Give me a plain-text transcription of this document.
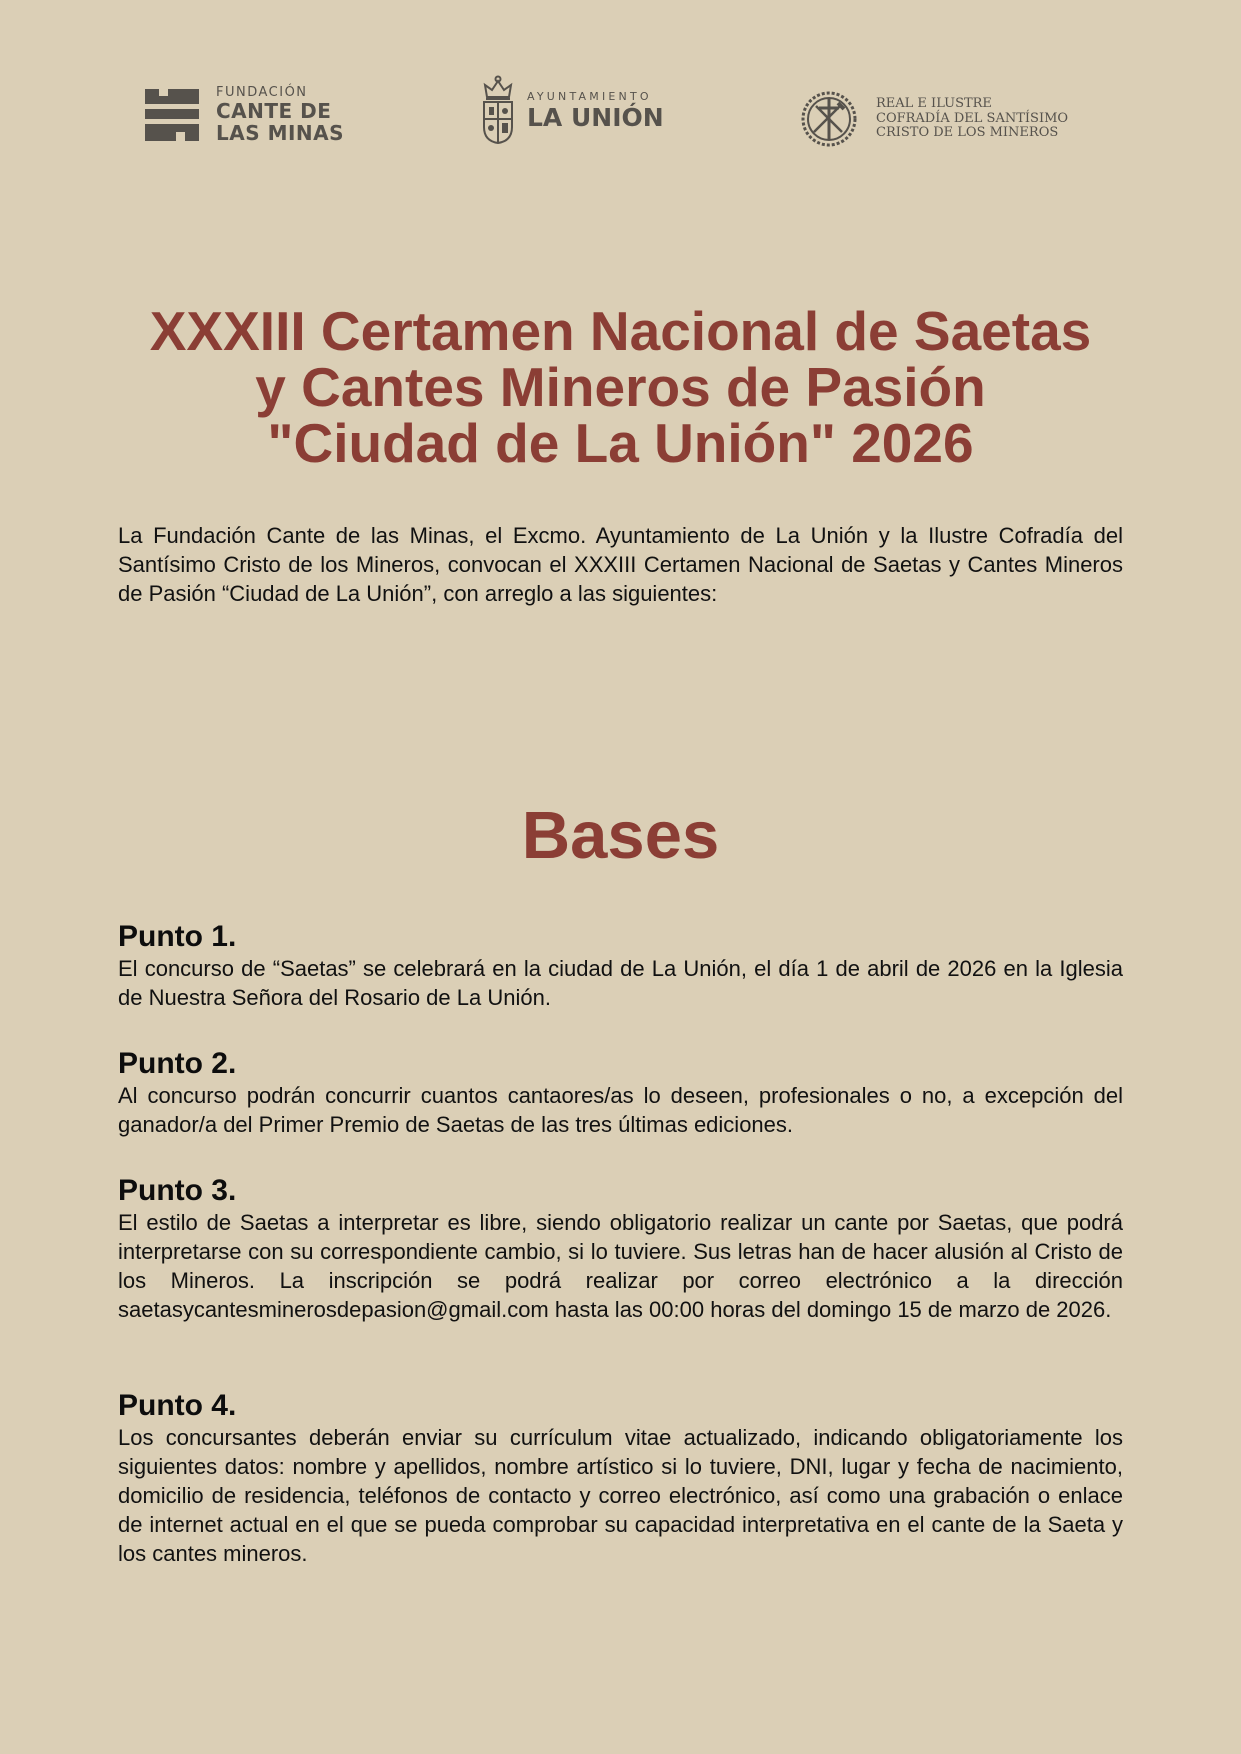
FUNDACIÓN
CANTE DE
LAS MINAS
AYUNTAMIENTO
LA UNIÓN	REAL E ILUSTRE
COFRADÍA DEL SANTÍSIMO
CRISTO DE LOS MINEROS
XXXIII Certamen Nacional de Saetas
y Cantes Mineros de Pasión
"Ciudad de La Unión" 2026

La Fundación Cante de las Minas, el Excmo. Ayuntamiento de La Unión y la Ilustre Cofradía del Santísimo Cristo de los Mineros, convocan el XXXIII Certamen Nacional de Saetas y Cantes Mineros de Pasión “Ciudad de La Unión”, con arreglo a las siguientes:

Bases
Punto 1.

El concurso de “Saetas” se celebrará en la ciudad de La Unión, el día 1 de abril de 2026 en la Iglesia de Nuestra Señora del Rosario de La Unión.

Punto 2.

Al concurso podrán concurrir cuantos cantaores/as lo deseen, profesionales o no, a excepción del ganador/a del Primer Premio de Saetas de las tres últimas ediciones.

Punto 3.

El estilo de Saetas a interpretar es libre, siendo obligatorio realizar un cante por Saetas, que podrá interpretarse con su correspondiente cambio, si lo tuviere. Sus letras han de hacer alusión al Cristo de los Mineros. La inscripción se podrá realizar por correo electrónico a la dirección saetasycantesminerosdepasion@gmail.com hasta las 00:00 horas del domingo 15 de marzo de 2026.

Punto 4.

Los concursantes deberán enviar su currículum vitae actualizado, indicando obligatoriamente los siguientes datos: nombre y apellidos, nombre artístico si lo tuviere, DNI, lugar y fecha de nacimiento, domicilio de residencia, teléfonos de contacto y correo electrónico, así como una grabación o enlace de internet actual en el que se pueda comprobar su capacidad interpretativa en el cante de la Saeta y los cantes mineros.
